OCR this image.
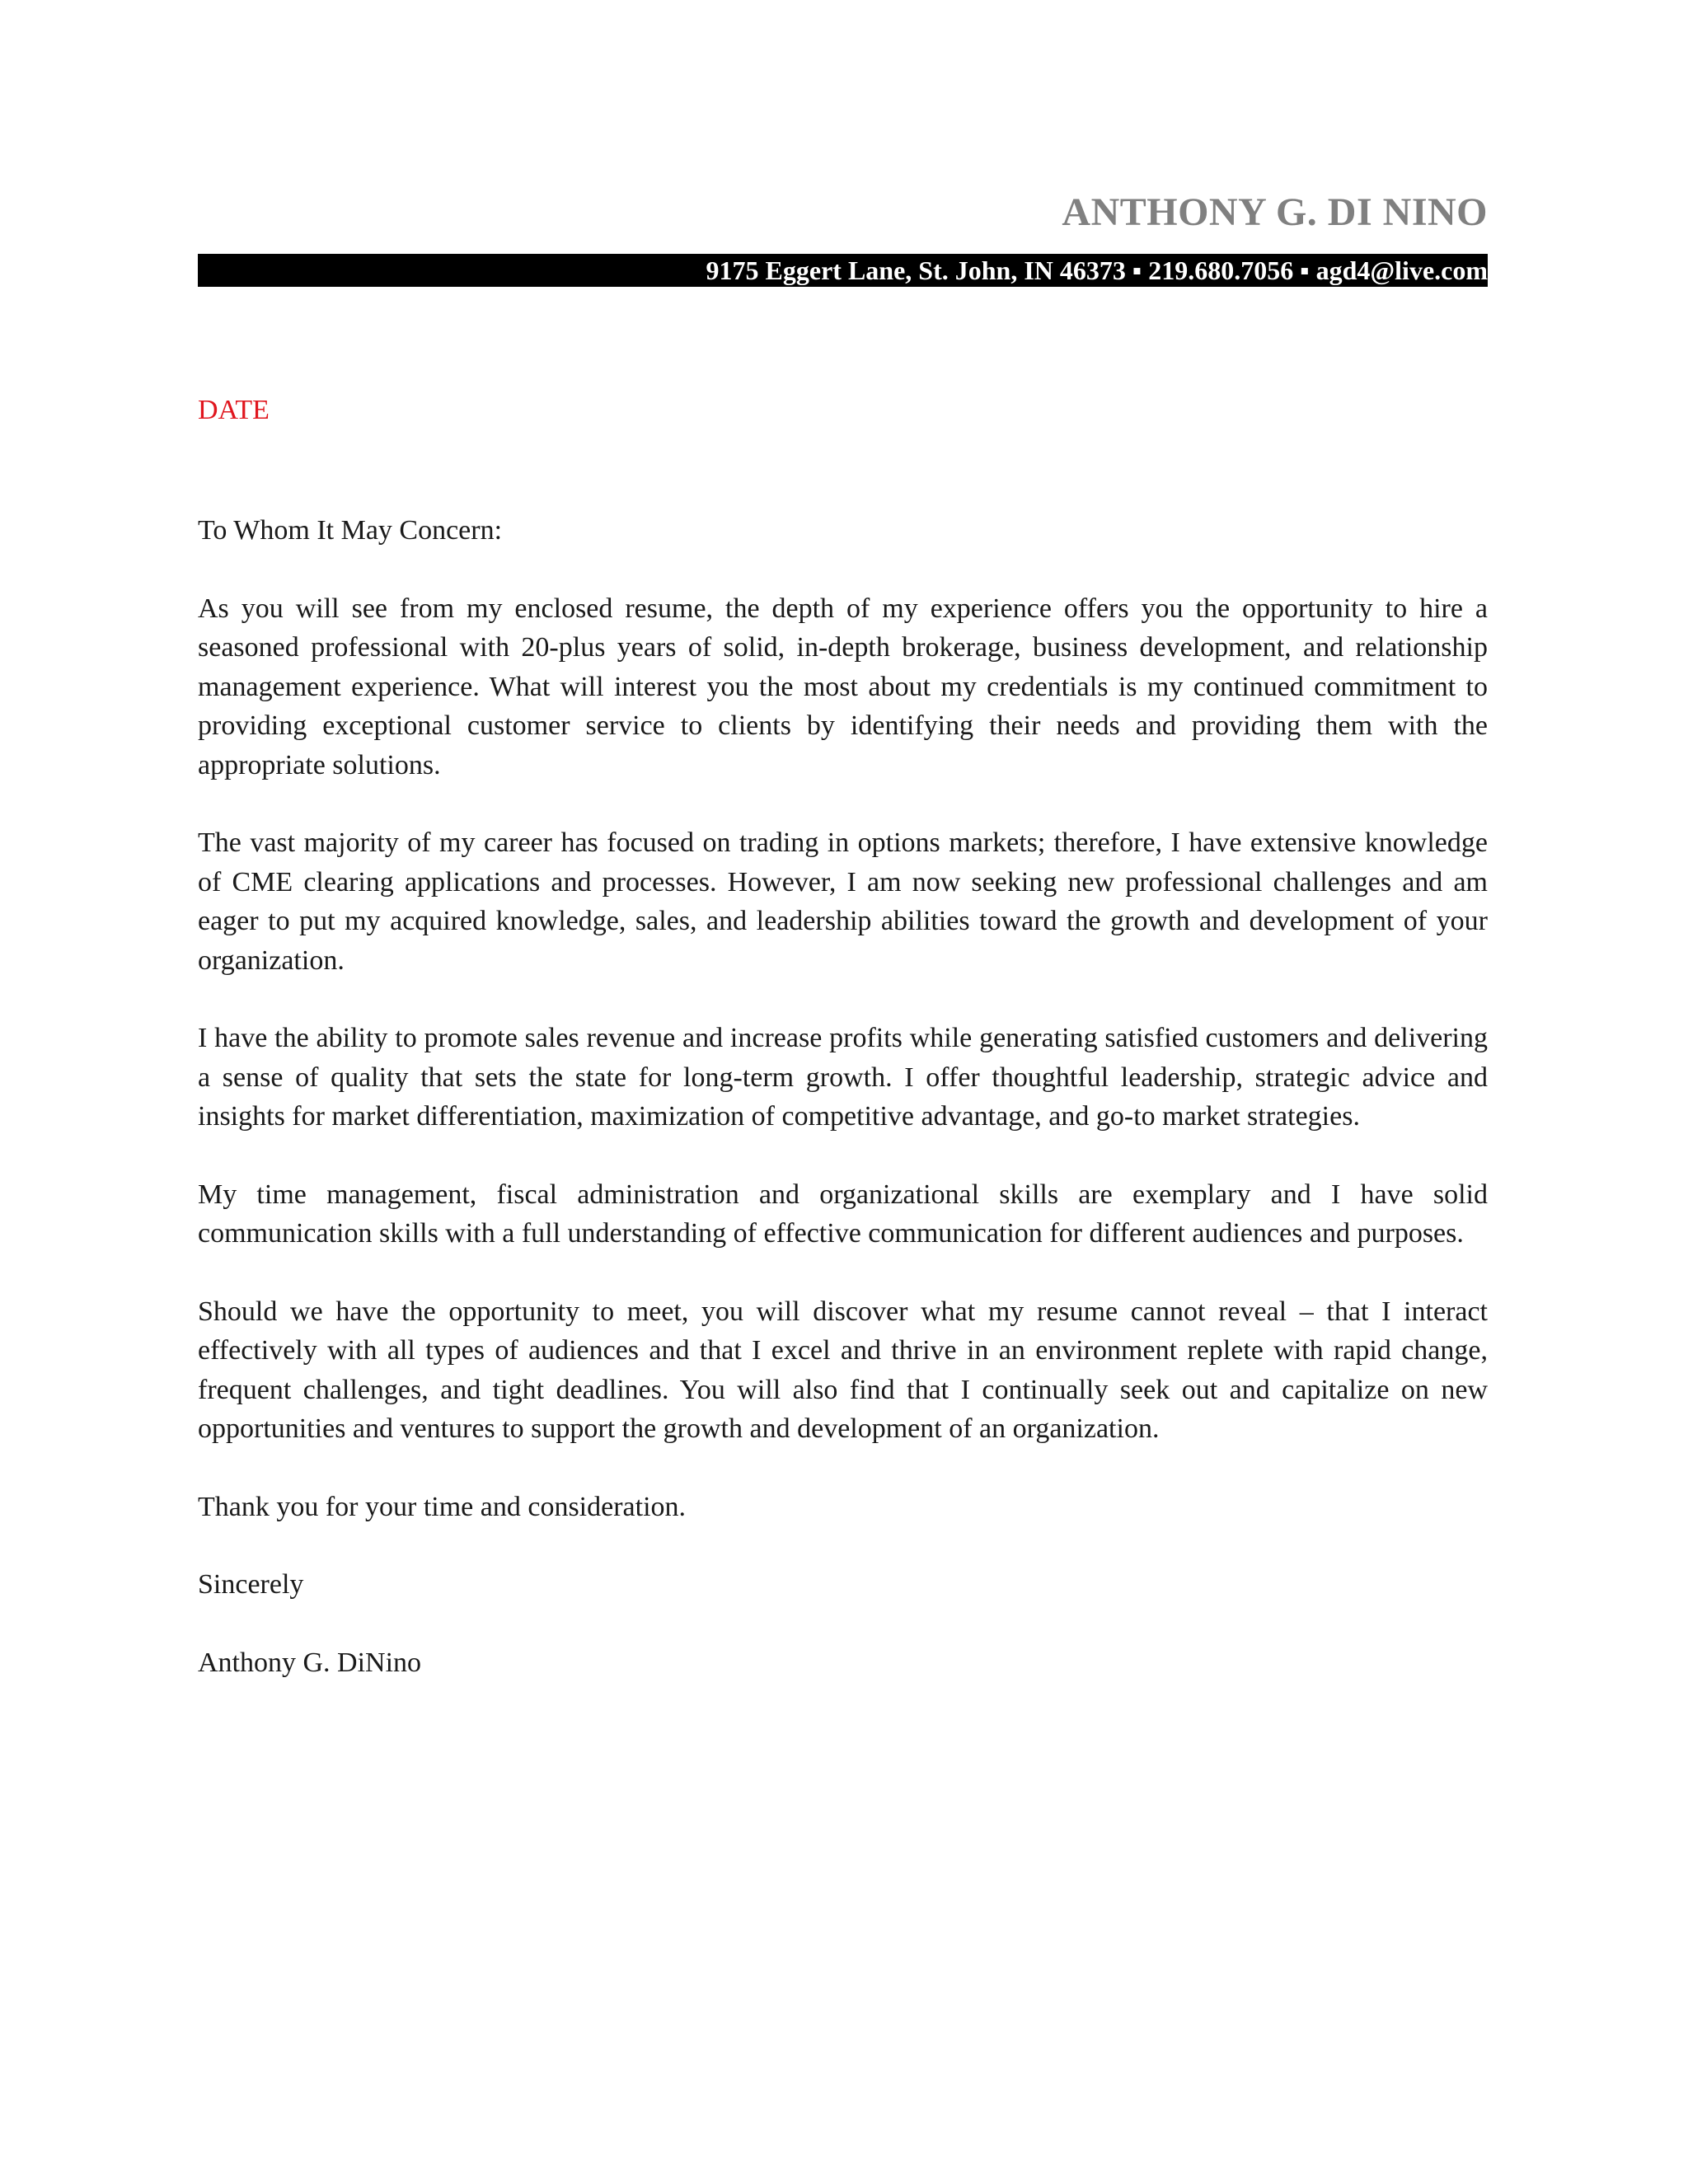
ANTHONY G. DI NINO
9175 Eggert Lane, St. John, IN 46373 ▪ 219.680.7056 ▪ agd4@live.com
DATE

To Whom It May Concern:

As you will see from my enclosed resume, the depth of my experience offers you the opportunity to hire a seasoned professional with 20-plus years of solid, in-depth brokerage, business development, and relationship management experience. What will interest you the most about my credentials is my continued commitment to providing exceptional customer service to clients by identifying their needs and providing them with the appropriate solutions.

The vast majority of my career has focused on trading in options markets; therefore, I have extensive knowledge of CME clearing applications and processes. However, I am now seeking new professional challenges and am eager to put my acquired knowledge, sales, and leadership abilities toward the growth and development of your organization.

I have the ability to promote sales revenue and increase profits while generating satisfied customers and delivering a sense of quality that sets the state for long-term growth. I offer thoughtful leadership, strategic advice and insights for market differentiation, maximization of competitive advantage, and go-to market strategies.

My time management, fiscal administration and organizational skills are exemplary and I have solid communication skills with a full understanding of effective communication for different audiences and purposes.

Should we have the opportunity to meet, you will discover what my resume cannot reveal – that I interact effectively with all types of audiences and that I excel and thrive in an environment replete with rapid change, frequent challenges, and tight deadlines. You will also find that I continually seek out and capitalize on new opportunities and ventures to support the growth and development of an organization.

Thank you for your time and consideration.

Sincerely

Anthony G. DiNino
